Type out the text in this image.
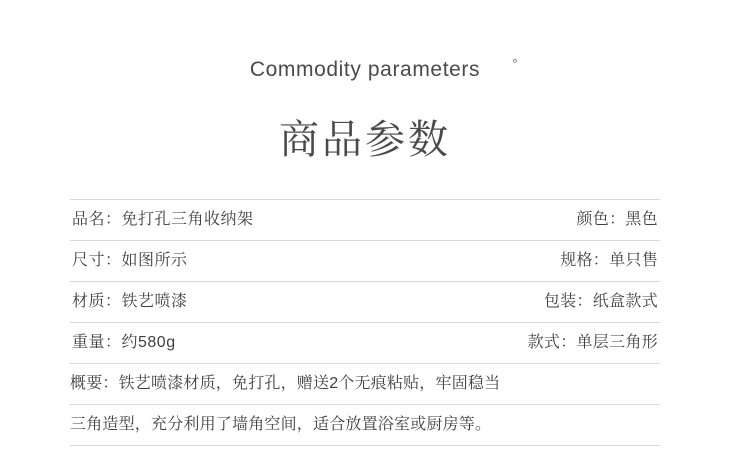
Commodity parameters °
商品参数
品名：免打孔三角收纳架	颜色：黑色
尺寸：如图所示	规格：单只售
材质：铁艺喷漆	包装：纸盒款式
重量：约580g	款式：单层三角形
概要：铁艺喷漆材质，免打孔，赠送2个无痕粘贴，牢固稳当
三角造型，充分利用了墙角空间，适合放置浴室或厨房等。
